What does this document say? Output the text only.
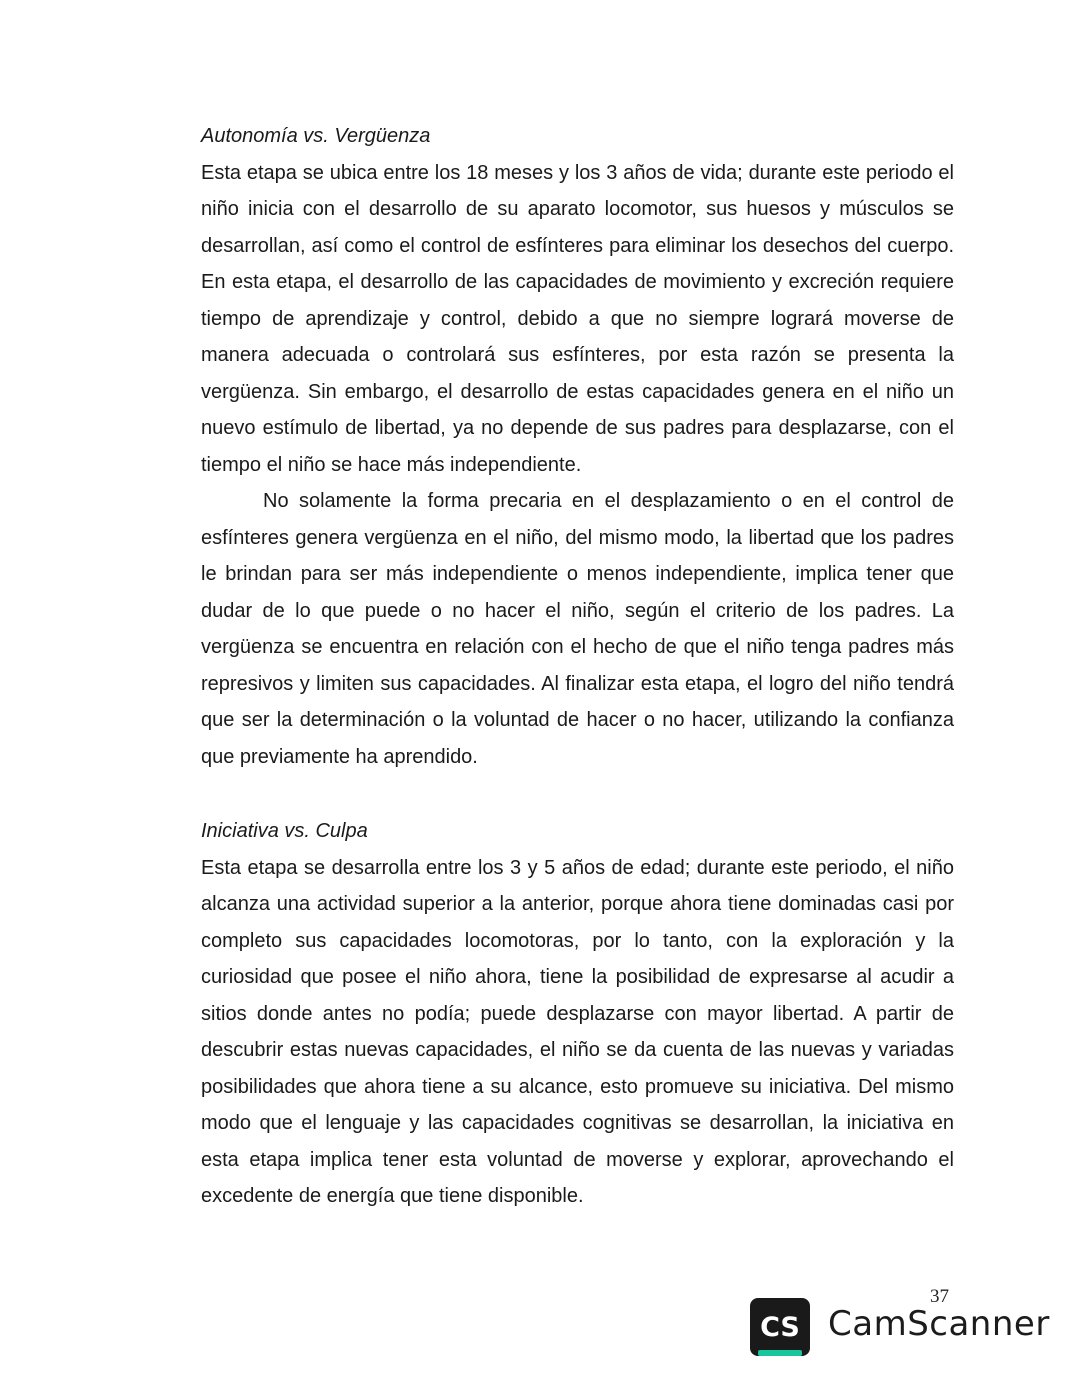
Autonomía vs. Vergüenza

Esta etapa se ubica entre los 18 meses y los 3 años de vida; durante este periodo el niño inicia con el desarrollo de su aparato locomotor, sus huesos y músculos se desarrollan, así como el control de esfínteres para eliminar los desechos del cuerpo. En esta etapa, el desarrollo de las capacidades de movimiento y excreción requiere tiempo de aprendizaje y control, debido a que no siempre logrará moverse de manera adecuada o controlará sus esfínteres, por esta razón se presenta la vergüenza. Sin embargo, el desarrollo de estas capacidades genera en el niño un nuevo estímulo de libertad, ya no depende de sus padres para desplazarse, con el tiempo el niño se hace más independiente.

No solamente la forma precaria en el desplazamiento o en el control de esfínteres genera vergüenza en el niño, del mismo modo, la libertad que los padres le brindan para ser más independiente o menos independiente, implica tener que dudar de lo que puede o no hacer el niño, según el criterio de los padres. La vergüenza se encuentra en relación con el hecho de que el niño tenga padres más represivos y limiten sus capacidades. Al finalizar esta etapa, el logro del niño tendrá que ser la determinación o la voluntad de hacer o no hacer, utilizando la confianza que previamente ha aprendido.

Iniciativa vs. Culpa

Esta etapa se desarrolla entre los 3 y 5 años de edad; durante este periodo, el niño alcanza una actividad superior a la anterior, porque ahora tiene dominadas casi por completo sus capacidades locomotoras, por lo tanto, con la exploración y la curiosidad que posee el niño ahora, tiene la posibilidad de expresarse al acudir a sitios donde antes no podía; puede desplazarse con mayor libertad. A partir de descubrir estas nuevas capacidades, el niño se da cuenta de las nuevas y variadas posibilidades que ahora tiene a su alcance, esto promueve su iniciativa. Del mismo modo que el lenguaje y las capacidades cognitivas se desarrollan, la iniciativa en esta etapa implica tener esta voluntad de moverse y explorar, aprovechando el excedente de energía que tiene disponible.

37
CS CamScanner
